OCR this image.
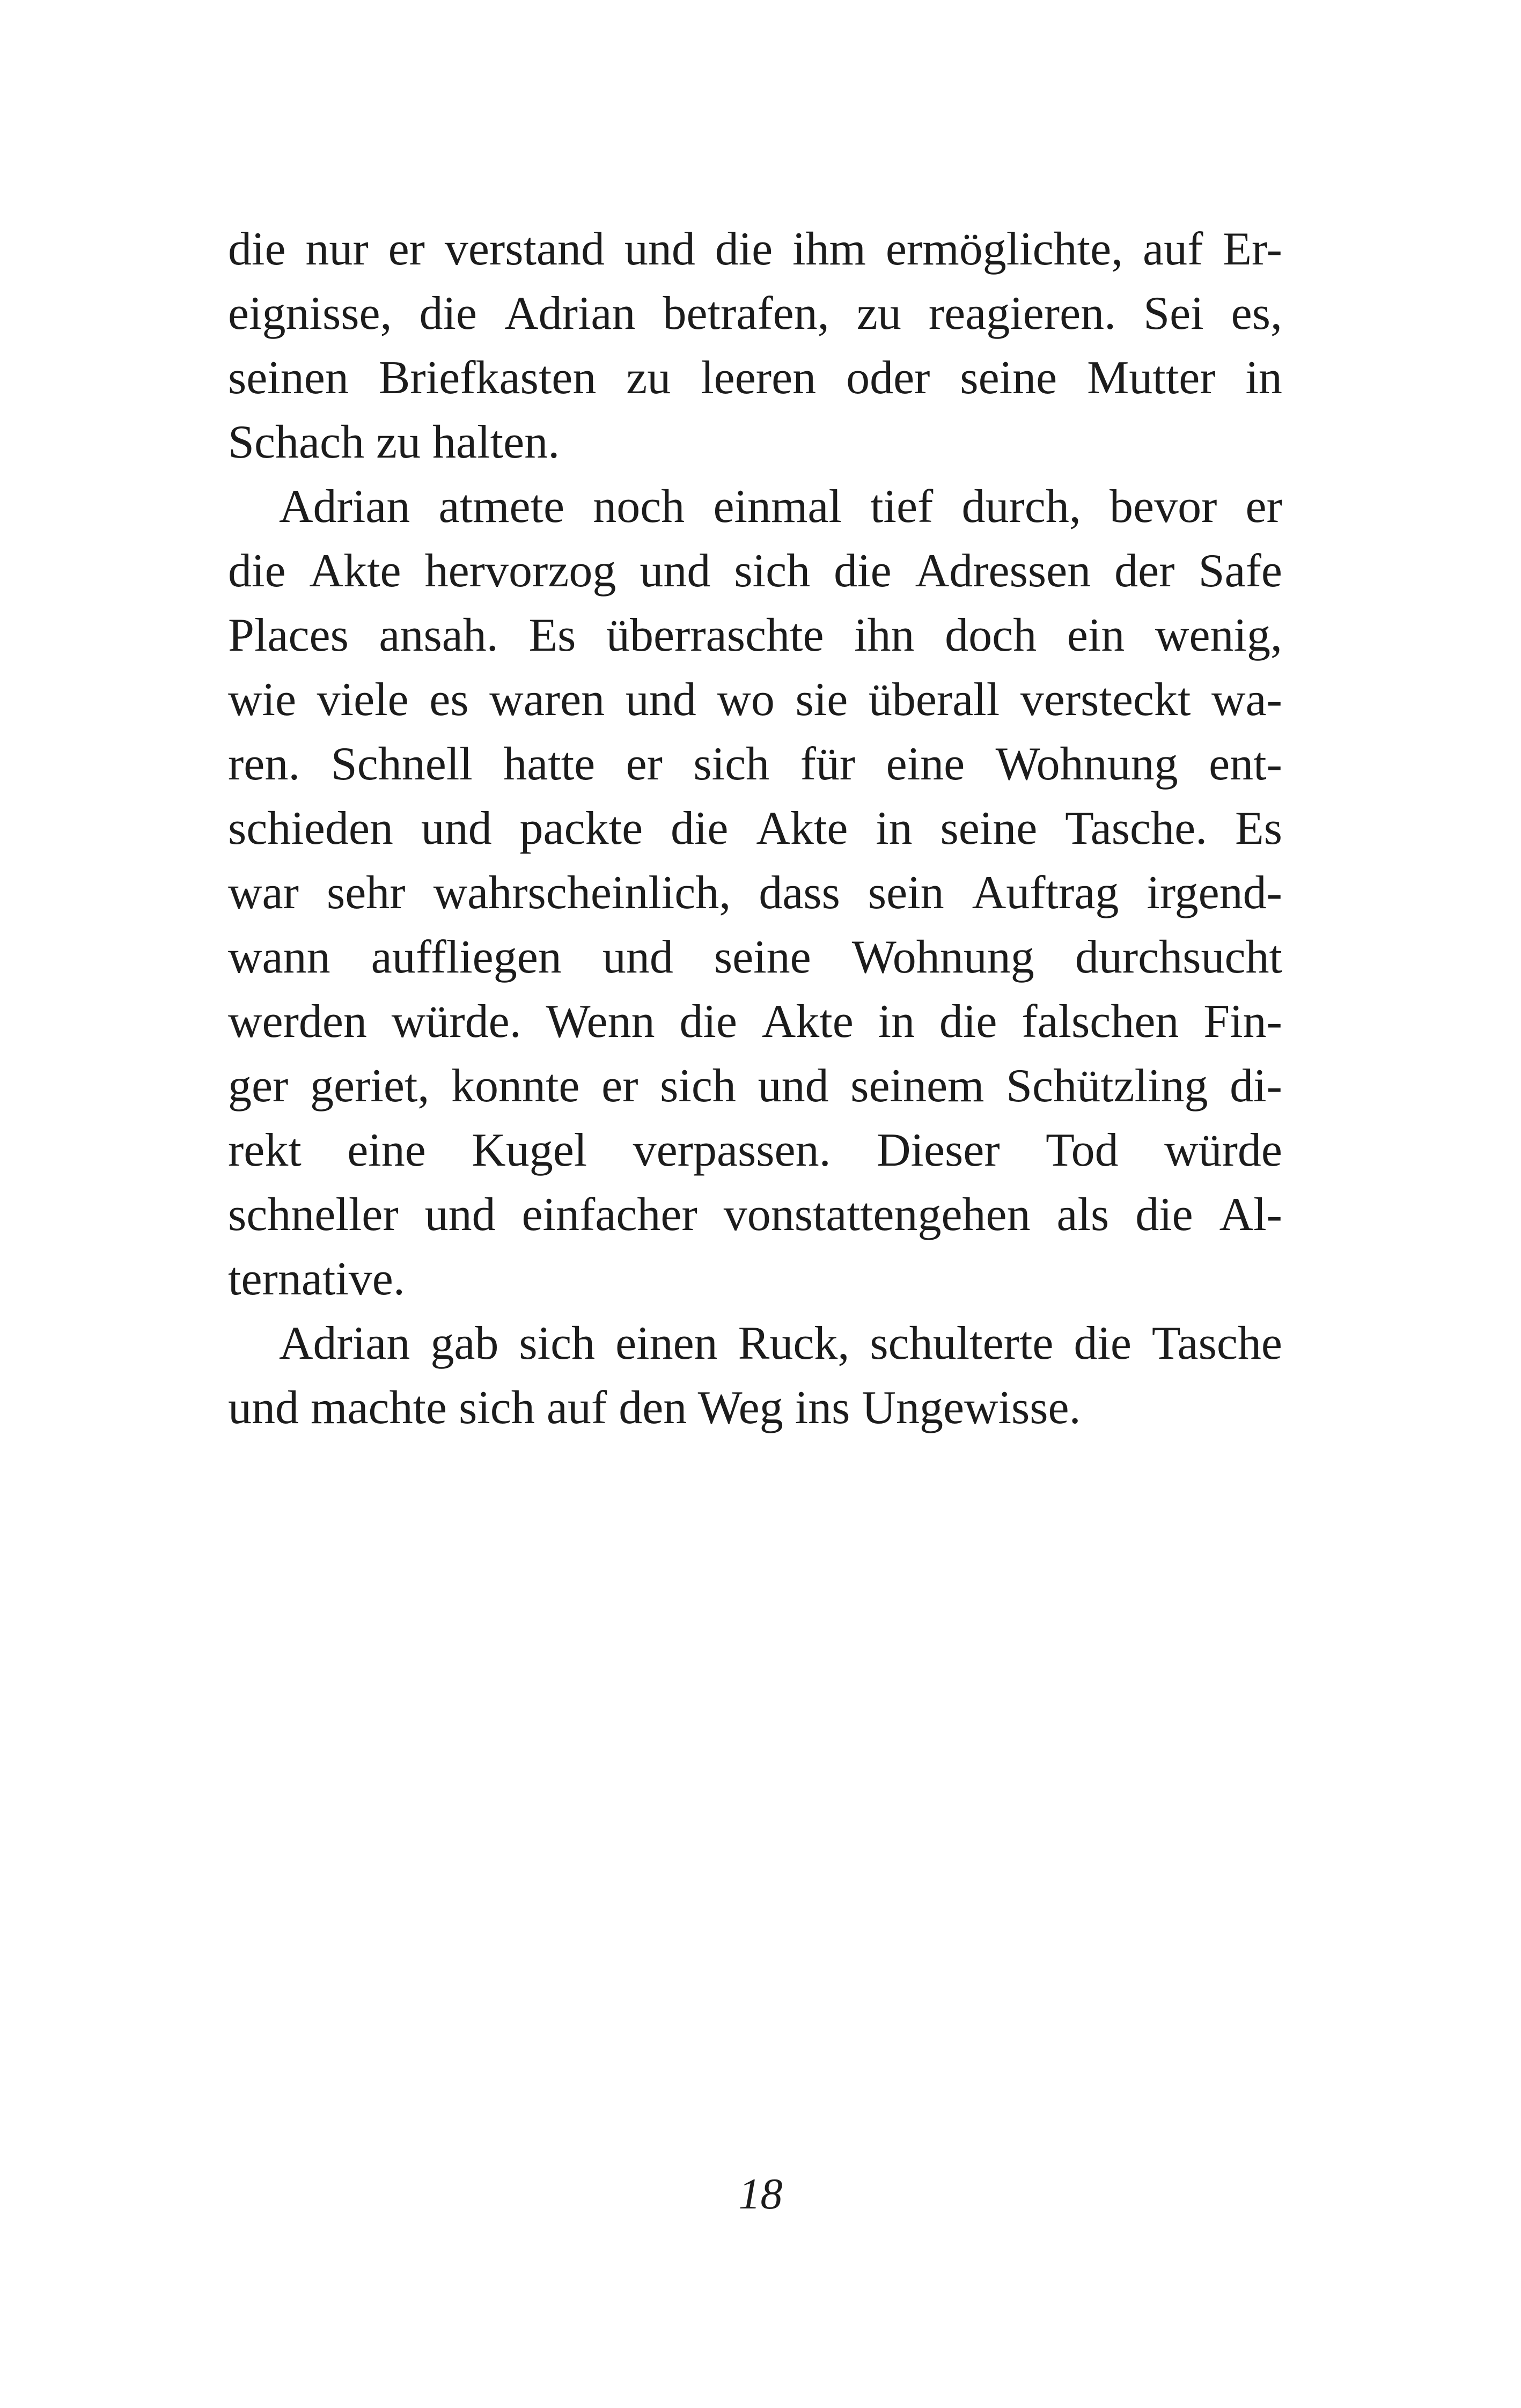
die nur er verstand und die ihm ermöglichte, auf Er-
eignisse, die Adrian betrafen, zu reagieren. Sei es,
seinen Briefkasten zu leeren oder seine Mutter in
Schach zu halten.
Adrian atmete noch einmal tief durch, bevor er
die Akte hervorzog und sich die Adressen der Safe
Places ansah. Es überraschte ihn doch ein wenig,
wie viele es waren und wo sie überall versteckt wa-
ren. Schnell hatte er sich für eine Wohnung ent-
schieden und packte die Akte in seine Tasche. Es
war sehr wahrscheinlich, dass sein Auftrag irgend-
wann auffliegen und seine Wohnung durchsucht
werden würde. Wenn die Akte in die falschen Fin-
ger geriet, konnte er sich und seinem Schützling di-
rekt eine Kugel verpassen. Dieser Tod würde
schneller und einfacher vonstattengehen als die Al-
ternative.
Adrian gab sich einen Ruck, schulterte die Tasche
und machte sich auf den Weg ins Ungewisse.
18
